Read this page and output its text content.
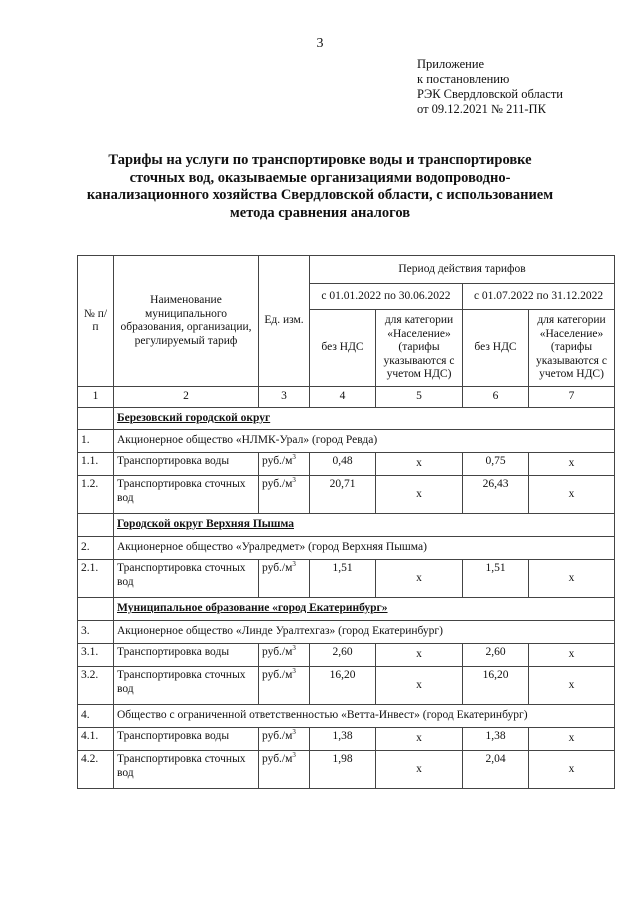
3
Приложение
к постановлению
РЭК Свердловской области
от 09.12.2021 № 211-ПК
Тарифы на услуги по транспортировке воды и транспортировке сточных вод, оказываемые организациями водопроводно-канализационного хозяйства Свердловской области, с использованием метода сравнения аналогов
№ п/п	Наименование муниципального образования, организации, регулируемый тариф	Ед. изм.	Период действия тарифов			
			с 01.01.2022 по 30.06.2022		с 01.07.2022 по 31.12.2022	
			без НДС	для категории «Население» (тарифы указываются с учетом НДС)	без НДС	для категории «Население» (тарифы указываются с учетом НДС)
1	2	3	4	5	6	7
	Березовский городской округ					
1.	Акционерное общество «НЛМК-Урал» (город Ревда)					
1.1.	Транспортировка воды	$руб./м^3$	0,48	х	0,75	х
1.2.	Транспортировка сточных вод	$руб./м^3$	20,71	х	26,43	х
	Городской округ Верхняя Пышма					
2.	Акционерное общество «Уралредмет» (город Верхняя Пышма)					
2.1.	Транспортировка сточных вод	$руб./м^3$	1,51	х	1,51	х
	Муниципальное образование «город Екатеринбург»					
3.	Акционерное общество «Линде Уралтехгаз» (город Екатеринбург)					
3.1.	Транспортировка воды	$руб./м^3$	2,60	х	2,60	х
3.2.	Транспортировка сточных вод	$руб./м^3$	16,20	х	16,20	х
4.	Общество с ограниченной ответственностью «Ветта-Инвест» (город Екатеринбург)					
4.1.	Транспортировка воды	$руб./м^3$	1,38	х	1,38	х
4.2.	Транспортировка сточных вод	$руб./м^3$	1,98	х	2,04	х
